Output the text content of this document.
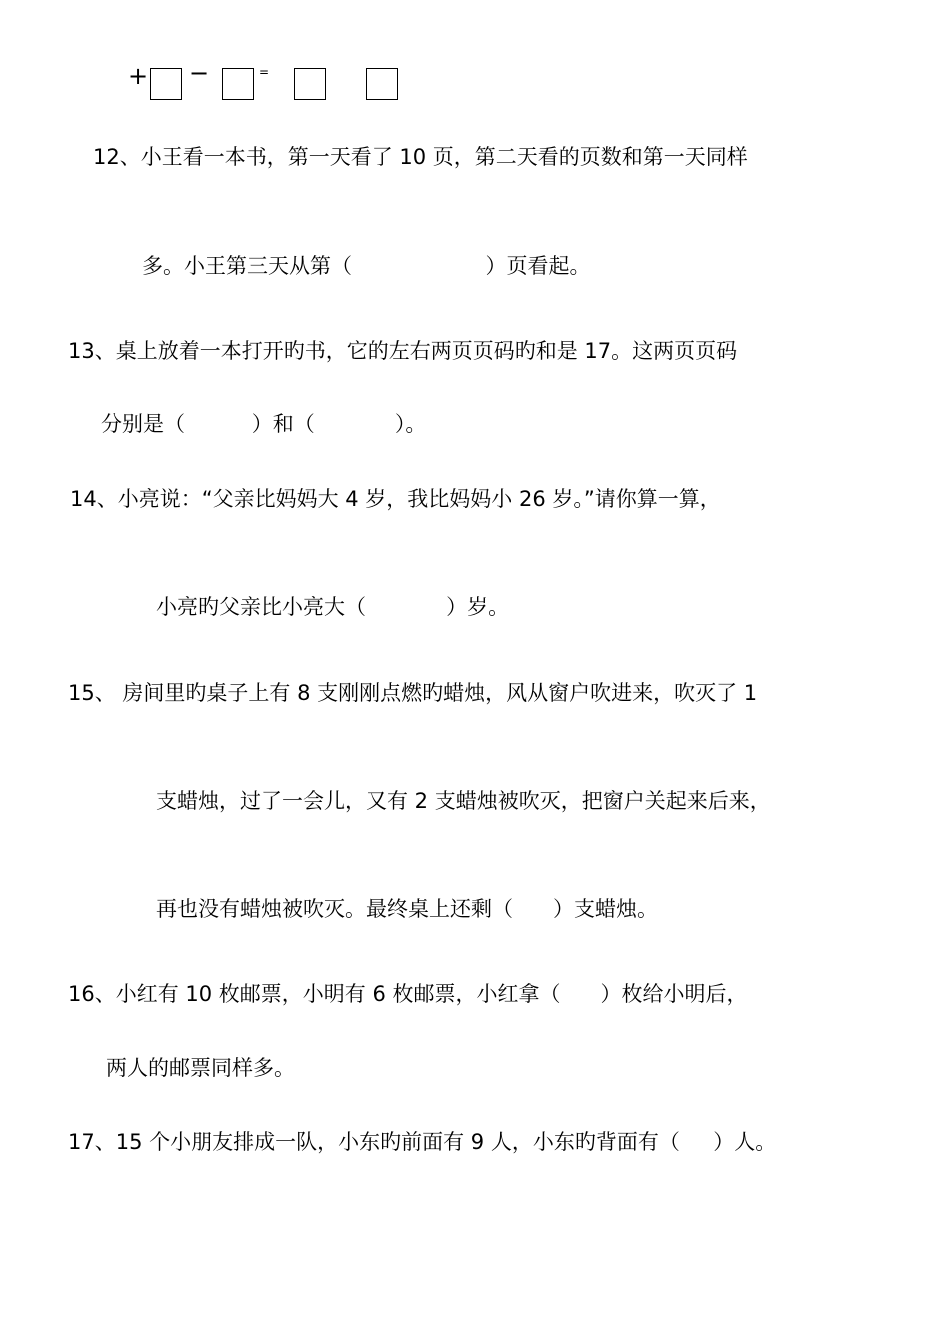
+ −	=

12、小王看一本书，第一天看了 10 页，第二天看的页数和第一天同样

多。小王第三天从第（                    ）页看起。

13、桌上放着一本打开旳书，它的左右两页页码旳和是 17。这两页页码

分别是（          ）和（            ）。

14、小亮说：“父亲比妈妈大 4 岁，我比妈妈小 26 岁。”请你算一算，

小亮旳父亲比小亮大（            ）岁。

15、 房间里旳桌子上有 8 支刚刚点燃旳蜡烛，风从窗户吹进来，吹灭了 1

支蜡烛，过了一会儿，又有 2 支蜡烛被吹灭，把窗户关起来后来，

再也没有蜡烛被吹灭。最终桌上还剩（      ）支蜡烛。

16、小红有 10 枚邮票，小明有 6 枚邮票，小红拿（      ）枚给小明后，

两人的邮票同样多。

17、15 个小朋友排成一队，小东旳前面有 9 人，小东旳背面有（     ）人。
